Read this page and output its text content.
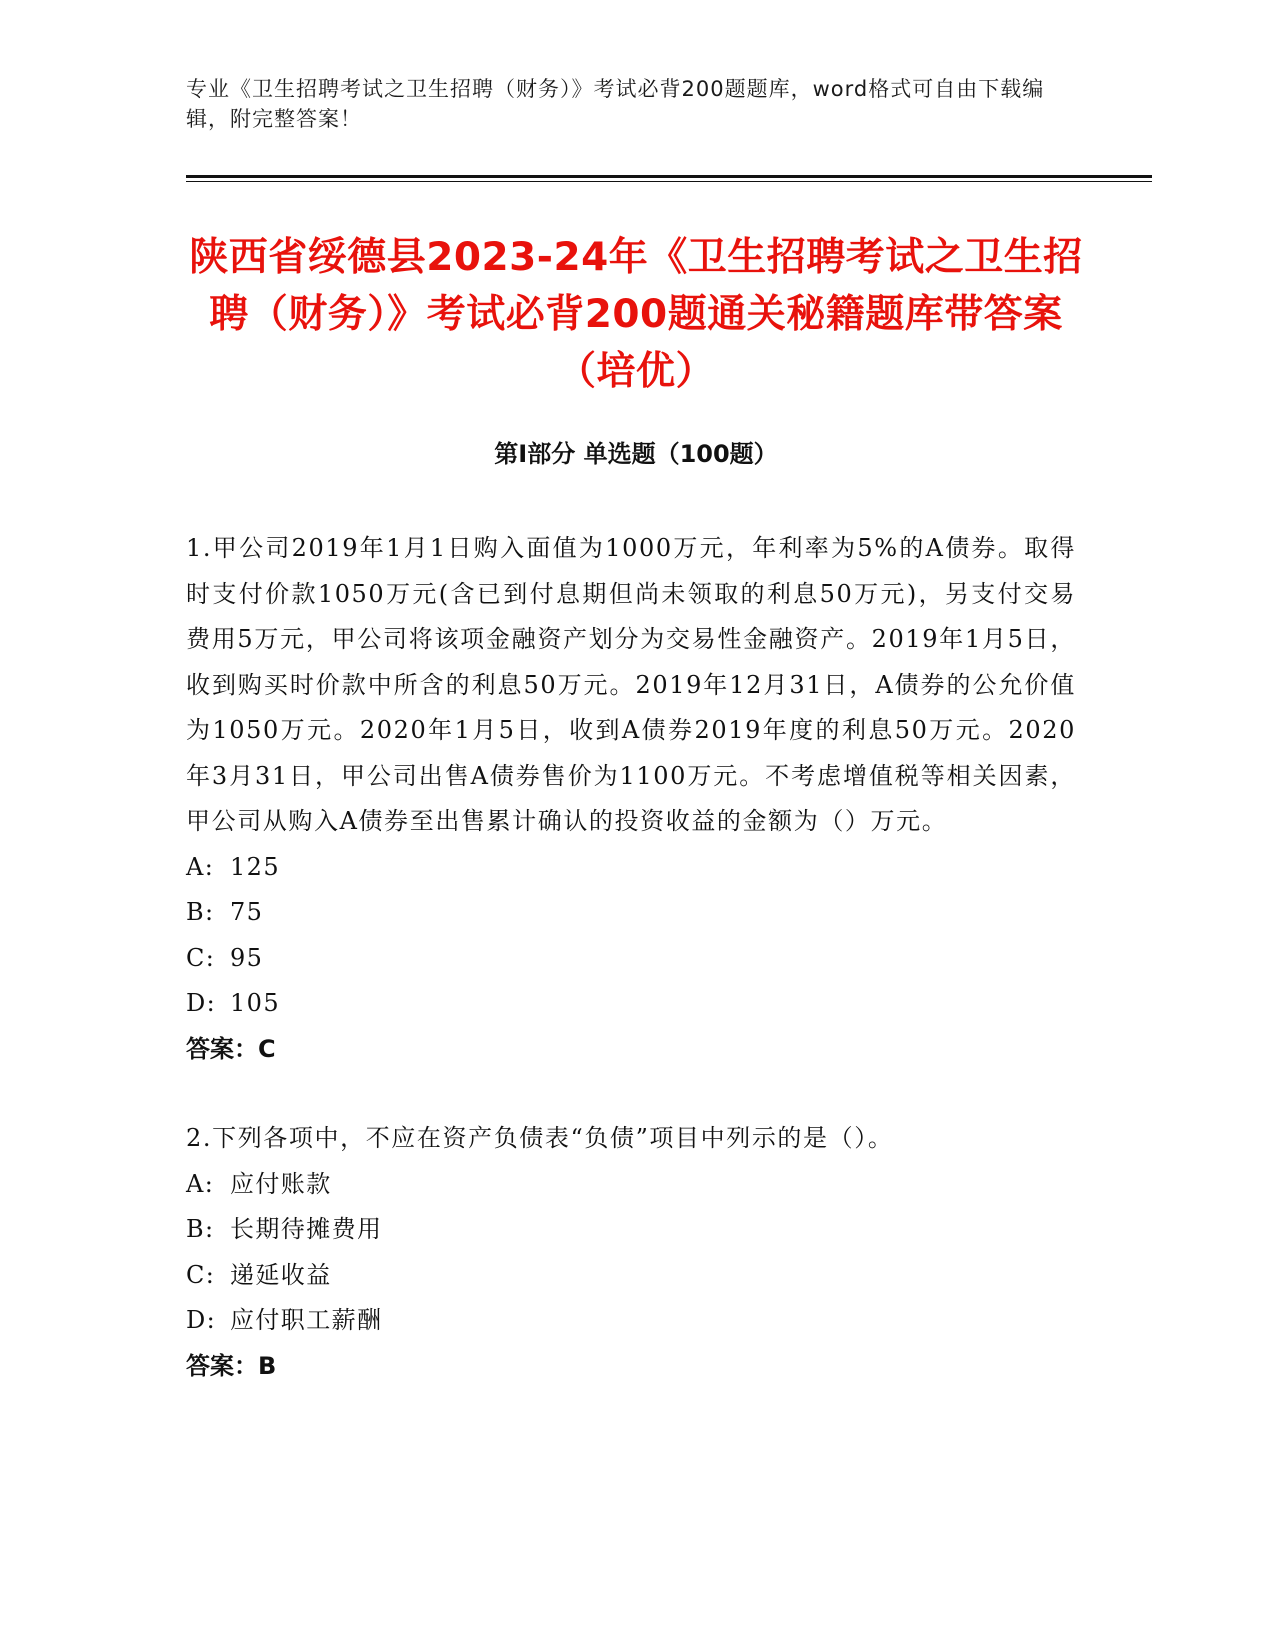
专业《卫生招聘考试之卫生招聘（财务）》考试必背200题题库，word格式可自由下载编辑，附完整答案！
陕西省绥德县2023-24年《卫生招聘考试之卫生招聘（财务）》考试必背200题通关秘籍题库带答案（培优）
第Ⅰ部分 单选题（100题）

1.甲公司2019年1月1日购入面值为1000万元，年利率为5%的A债券。取得时支付价款1050万元(含已到付息期但尚未领取的利息50万元)，另支付交易费用5万元，甲公司将该项金融资产划分为交易性金融资产。2019年1月5日，收到购买时价款中所含的利息50万元。2019年12月31日，A债券的公允价值为1050万元。2020年1月5日，收到A债券2019年度的利息50万元。2020年3月31日，甲公司出售A债券售价为1100万元。不考虑增值税等相关因素，甲公司从购入A债券至出售累计确认的投资收益的金额为（）万元。

A: 125

B: 75

C: 95

D: 105

答案：C

2.下列各项中，不应在资产负债表“负债”项目中列示的是（）。

A: 应付账款

B: 长期待摊费用

C: 递延收益

D: 应付职工薪酬

答案：B
